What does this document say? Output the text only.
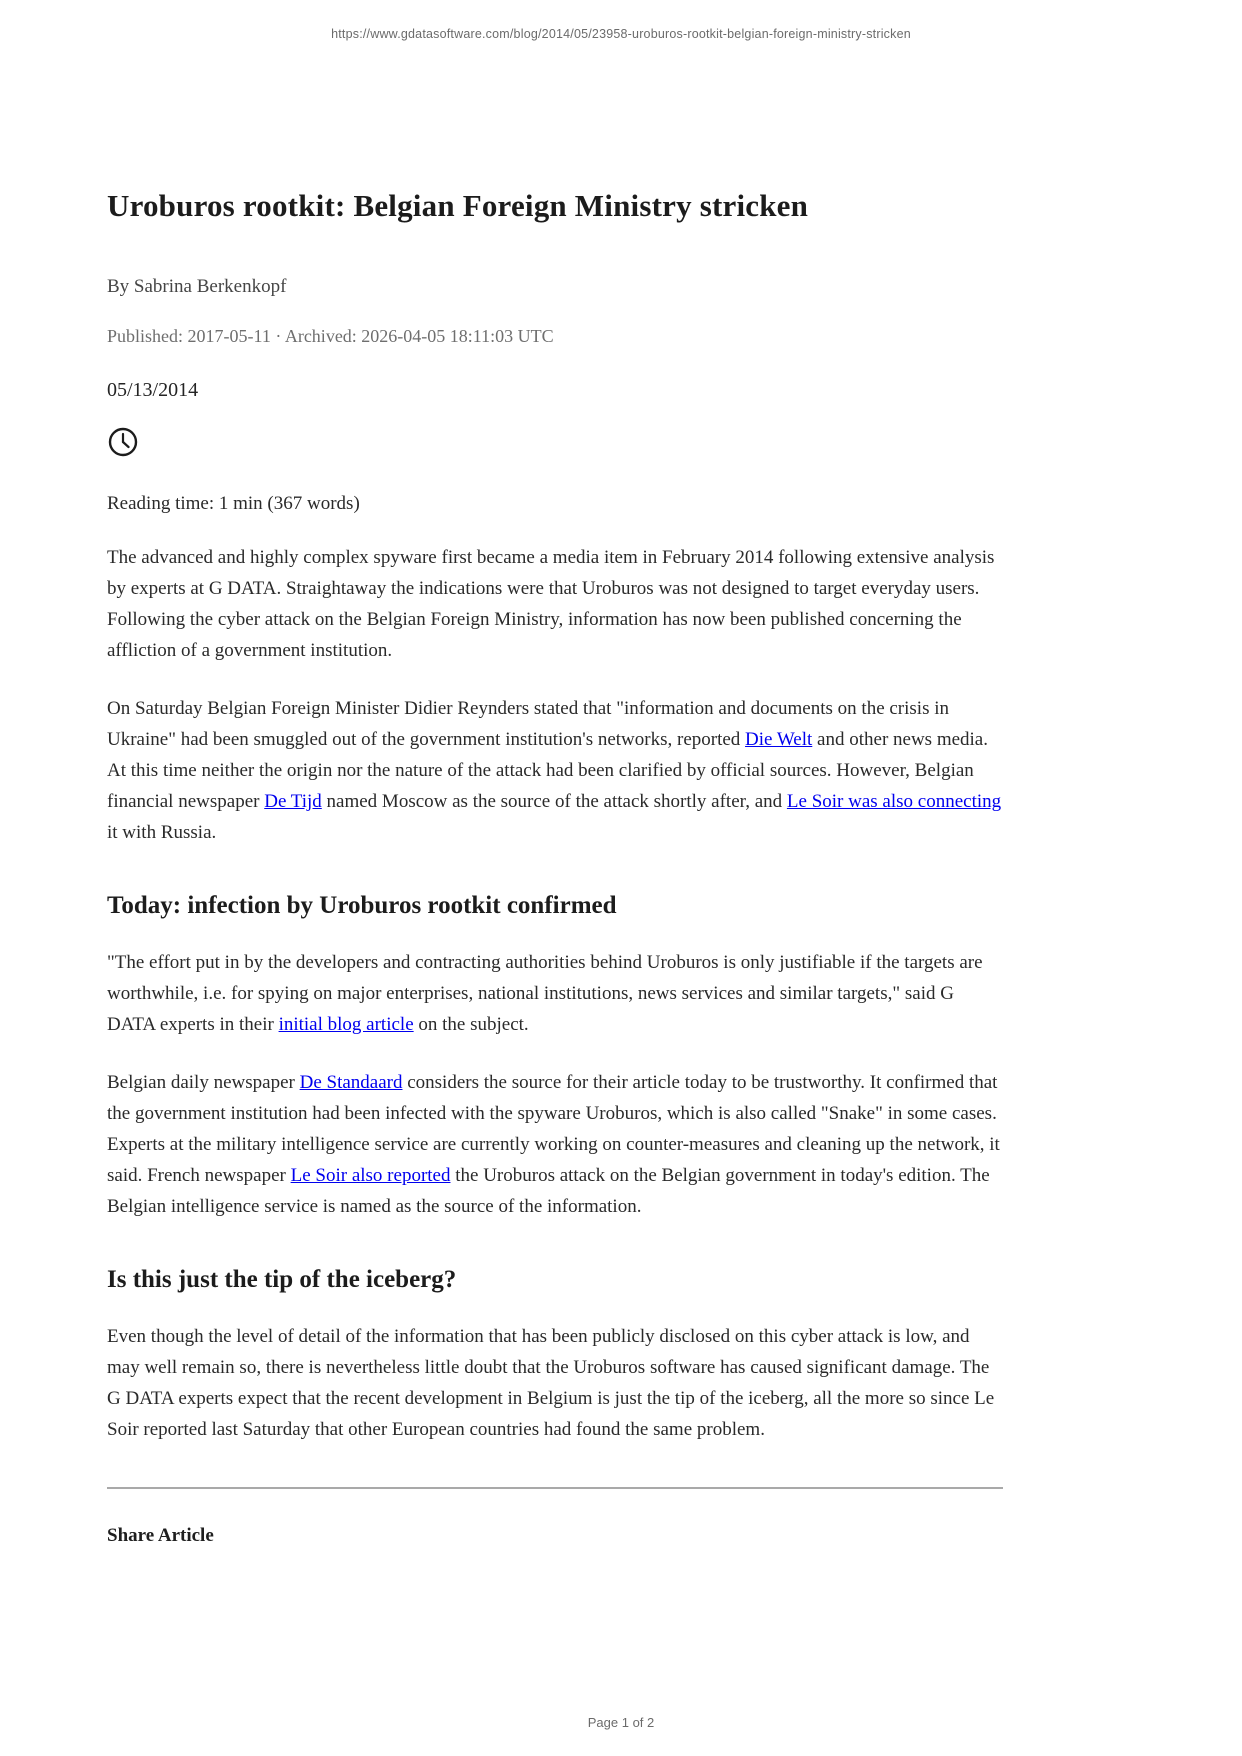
https://www.gdatasoftware.com/blog/2014/05/23958-uroburos-rootkit-belgian-foreign-ministry-stricken
Uroburos rootkit: Belgian Foreign Ministry stricken
By Sabrina Berkenkopf
Published: 2017-05-11 · Archived: 2026-04-05 18:11:03 UTC
05/13/2014
Reading time: 1 min (367 words)

The advanced and highly complex spyware first became a media item in February 2014 following extensive analysis by experts at G DATA. Straightaway the indications were that Uroburos was not designed to target everyday users. Following the cyber attack on the Belgian Foreign Ministry, information has now been published concerning the affliction of a government institution.

On Saturday Belgian Foreign Minister Didier Reynders stated that "information and documents on the crisis in Ukraine" had been smuggled out of the government institution's networks, reported Die Welt and other news media. At this time neither the origin nor the nature of the attack had been clarified by official sources. However, Belgian financial newspaper De Tijd named Moscow as the source of the attack shortly after, and Le Soir was also connecting it with Russia.

Today: infection by Uroburos rootkit confirmed

"The effort put in by the developers and contracting authorities behind Uroburos is only justifiable if the targets are worthwhile, i.e. for spying on major enterprises, national institutions, news services and similar targets," said G DATA experts in their initial blog article on the subject.

Belgian daily newspaper De Standaard considers the source for their article today to be trustworthy. It confirmed that the government institution had been infected with the spyware Uroburos, which is also called "Snake" in some cases. Experts at the military intelligence service are currently working on counter-measures and cleaning up the network, it said. French newspaper Le Soir also reported the Uroburos attack on the Belgian government in today's edition. The Belgian intelligence service is named as the source of the information.

Is this just the tip of the iceberg?

Even though the level of detail of the information that has been publicly disclosed on this cyber attack is low, and may well remain so, there is nevertheless little doubt that the Uroburos software has caused significant damage. The G DATA experts expect that the recent development in Belgium is just the tip of the iceberg, all the more so since Le Soir reported last Saturday that other European countries had found the same problem.

Share Article
Page 1 of 2
